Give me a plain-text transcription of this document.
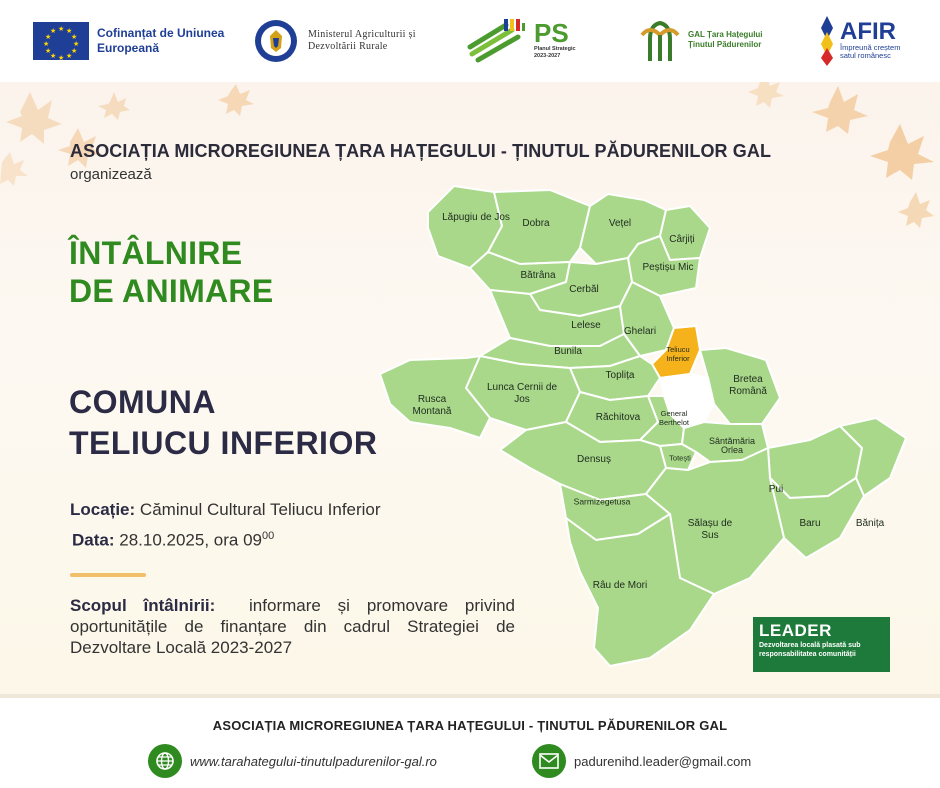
★ ★
★
★
★
★
★
★
★
★
★
★	Cofinanțat de Uniunea Europeană
Ministerul Agriculturii și Dezvoltării Rurale	PS
Planul Strategic 2023-2027
GAL Țara Hațegului Ținutul Pădurenilor	AFIR
Împreună creștem satul românesc
ASOCIAȚIA MICROREGIUNEA ȚARA HAȚEGULUI - ȚINUTUL PĂDURENILOR GAL
organizează
ÎNTÂLNIRE
DE ANIMARE
COMUNA
TELIUCU INFERIOR
Locație: Căminul Cultural Teliucu Inferior
Data: 28.10.2025, ora $09^{00}$
Scopul întâlnirii: informare și promovare privind oportunitățile de finanțare din cadrul Strategiei de Dezvoltare Locală 2023-2027
Lăpugiu de Jos
Dobra	Vețel
Cârjiți
Bătrâna
Peștișu Mic
Cerbăl
Lelese
Ghelari
Teliucu Inferior
Bunila
Toplița	Bretea Română
Lunca Cernii de Jos
Rusca Montană
Răchitova	General Berthelot
Totești
Sântămăria Orlea
Densuș
Pui
Sarmizegetusa
Sălașu de Sus
Baru	Bănița
Râu de Mori
LEADER
Dezvoltarea locală plasată sub responsabilitatea comunității
ASOCIAȚIA MICROREGIUNEA ȚARA HAȚEGULUI - ȚINUTUL PĂDURENILOR GAL
www.tarahategului-tinutulpadurenilor-gal.ro	padurenihd.leader@gmail.com
